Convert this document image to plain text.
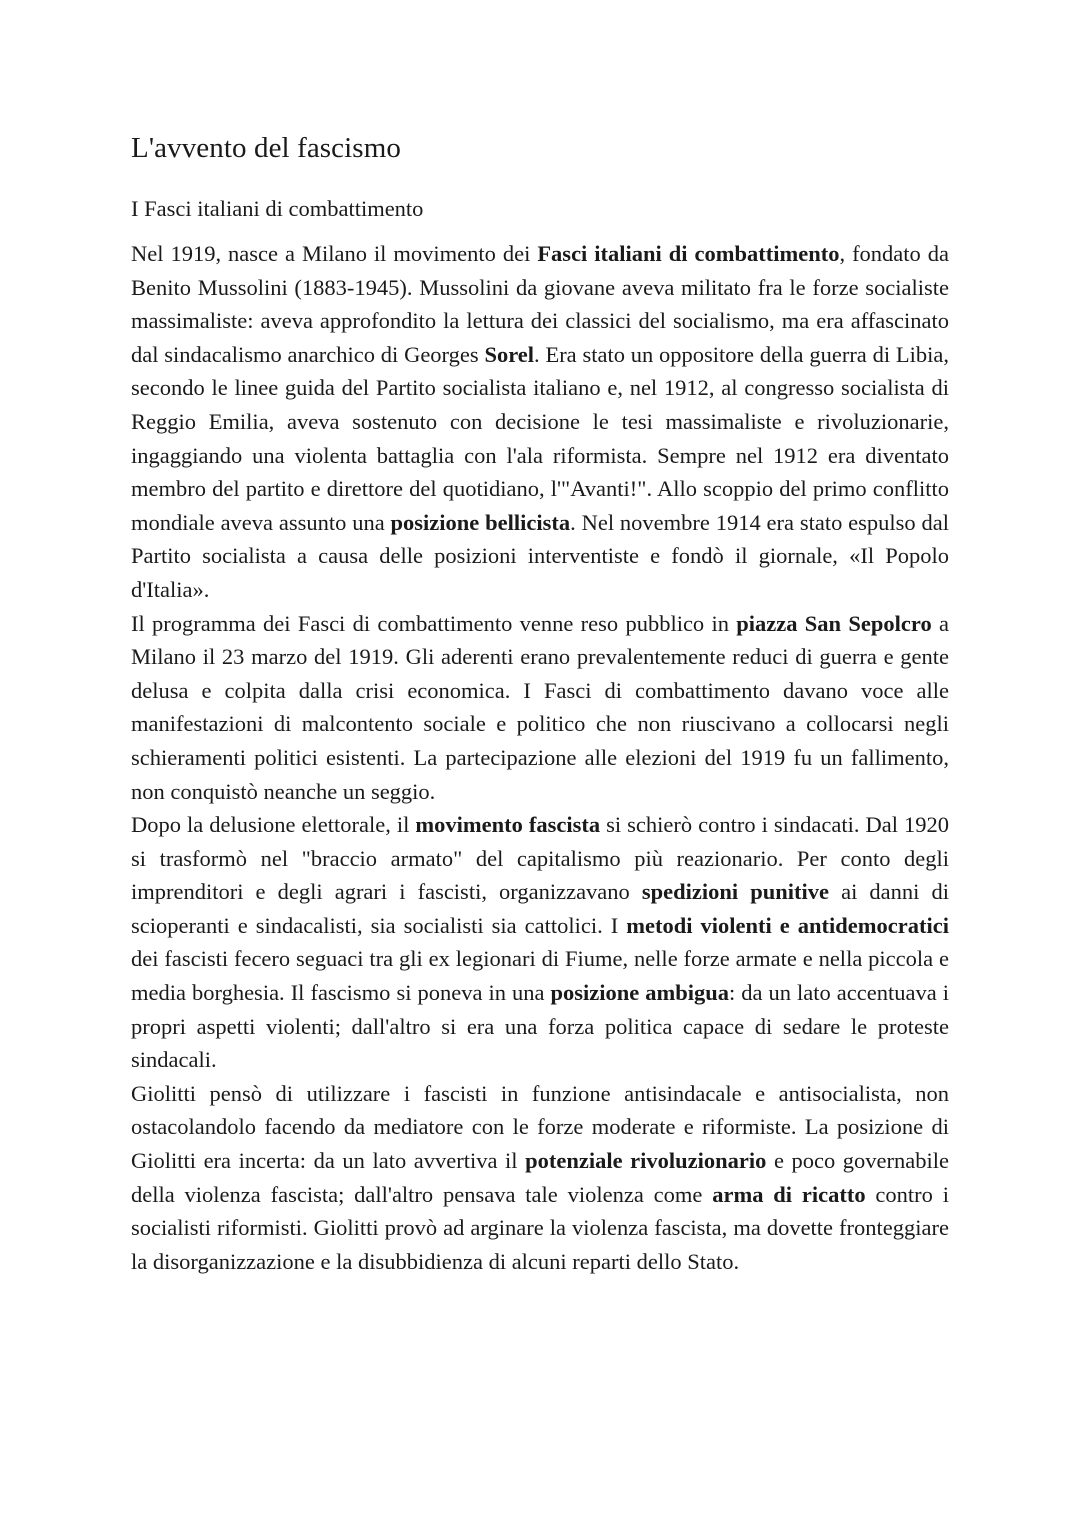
L'avvento del fascismo
I Fasci italiani di combattimento

Nel 1919, nasce a Milano il movimento dei Fasci italiani di combattimento, fondato da Benito Mussolini (1883-1945). Mussolini da giovane aveva militato fra le forze socialiste massimaliste: aveva approfondito la lettura dei classici del socialismo, ma era affascinato dal sindacalismo anarchico di Georges Sorel. Era stato un oppositore della guerra di Libia, secondo le linee guida del Partito socialista italiano e, nel 1912, al congresso socialista di Reggio Emilia, aveva sostenuto con decisione le tesi massimaliste e rivoluzionarie, ingaggiando una violenta battaglia con l'ala riformista. Sempre nel 1912 era diventato membro del partito e direttore del quotidiano, l'"Avanti!". Allo scoppio del primo conflitto mondiale aveva assunto una posizione bellicista. Nel novembre 1914 era stato espulso dal Partito socialista a causa delle posizioni interventiste e fondò il giornale, «Il Popolo d'Italia».

Il programma dei Fasci di combattimento venne reso pubblico in piazza San Sepolcro a Milano il 23 marzo del 1919. Gli aderenti erano prevalentemente reduci di guerra e gente delusa e colpita dalla crisi economica. I Fasci di combattimento davano voce alle manifestazioni di malcontento sociale e politico che non riuscivano a collocarsi negli schieramenti politici esistenti. La partecipazione alle elezioni del 1919 fu un fallimento, non conquistò neanche un seggio.

Dopo la delusione elettorale, il movimento fascista si schierò contro i sindacati. Dal 1920 si trasformò nel "braccio armato" del capitalismo più reazionario. Per conto degli imprenditori e degli agrari i fascisti, organizzavano spedizioni punitive ai danni di scioperanti e sindacalisti, sia socialisti sia cattolici. I metodi violenti e antidemocratici dei fascisti fecero seguaci tra gli ex legionari di Fiume, nelle forze armate e nella piccola e media borghesia. Il fascismo si poneva in una posizione ambigua: da un lato accentuava i propri aspetti violenti; dall'altro si era una forza politica capace di sedare le proteste sindacali.

Giolitti pensò di utilizzare i fascisti in funzione antisindacale e antisocialista, non ostacolandolo facendo da mediatore con le forze moderate e riformiste. La posizione di Giolitti era incerta: da un lato avvertiva il potenziale rivoluzionario e poco governabile della violenza fascista; dall'altro pensava tale violenza come arma di ricatto contro i socialisti riformisti. Giolitti provò ad arginare la violenza fascista, ma dovette fronteggiare la disorganizzazione e la disubbidienza di alcuni reparti dello Stato.
